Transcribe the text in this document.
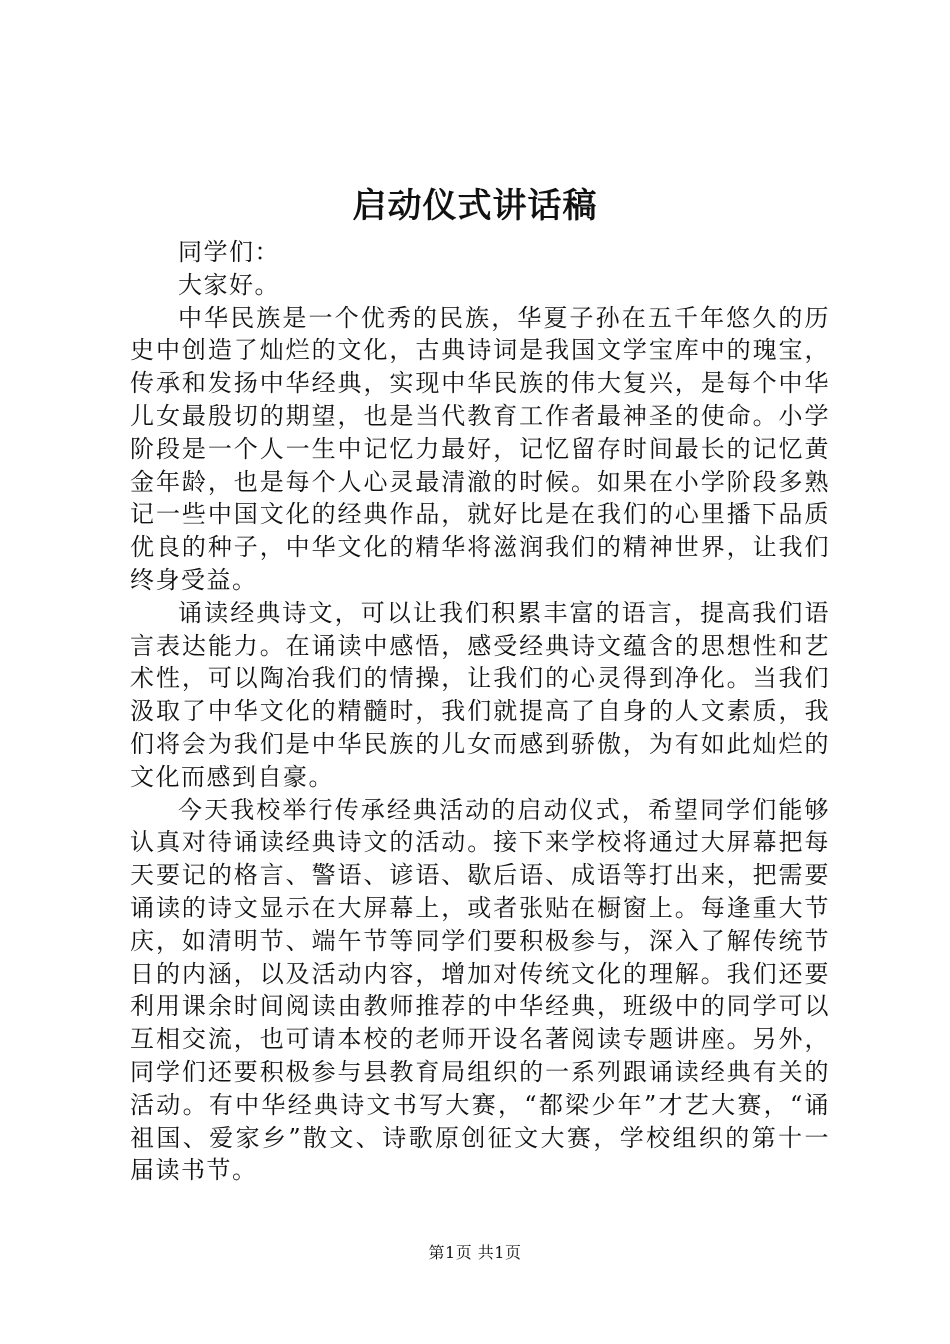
启动仪式讲话稿

同学们：

大家好。

中华民族是一个优秀的民族，华夏子孙在五千年悠久的历史中创造了灿烂的文化，古典诗词是我国文学宝库中的瑰宝，传承和发扬中华经典，实现中华民族的伟大复兴，是每个中华儿女最殷切的期望，也是当代教育工作者最神圣的使命。小学阶段是一个人一生中记忆力最好，记忆留存时间最长的记忆黄金年龄，也是每个人心灵最清澈的时候。如果在小学阶段多熟记一些中国文化的经典作品，就好比是在我们的心里播下品质优良的种子，中华文化的精华将滋润我们的精神世界，让我们终身受益。

诵读经典诗文，可以让我们积累丰富的语言，提高我们语言表达能力。在诵读中感悟，感受经典诗文蕴含的思想性和艺术性，可以陶冶我们的情操，让我们的心灵得到净化。当我们汲取了中华文化的精髓时，我们就提高了自身的人文素质，我们将会为我们是中华民族的儿女而感到骄傲，为有如此灿烂的文化而感到自豪。

今天我校举行传承经典活动的启动仪式，希望同学们能够认真对待诵读经典诗文的活动。接下来学校将通过大屏幕把每天要记的格言、警语、谚语、歇后语、成语等打出来，把需要诵读的诗文显示在大屏幕上，或者张贴在橱窗上。每逢重大节庆，如清明节、端午节等同学们要积极参与，深入了解传统节日的内涵，以及活动内容，增加对传统文化的理解。我们还要利用课余时间阅读由教师推荐的中华经典，班级中的同学可以互相交流，也可请本校的老师开设名著阅读专题讲座。另外，同学们还要积极参与县教育局组织的一系列跟诵读经典有关的活动。有中华经典诗文书写大赛，“都梁少年”才艺大赛，“诵祖国、爱家乡”散文、诗歌原创征文大赛，学校组织的第十一届读书节。

第1页 共1页
